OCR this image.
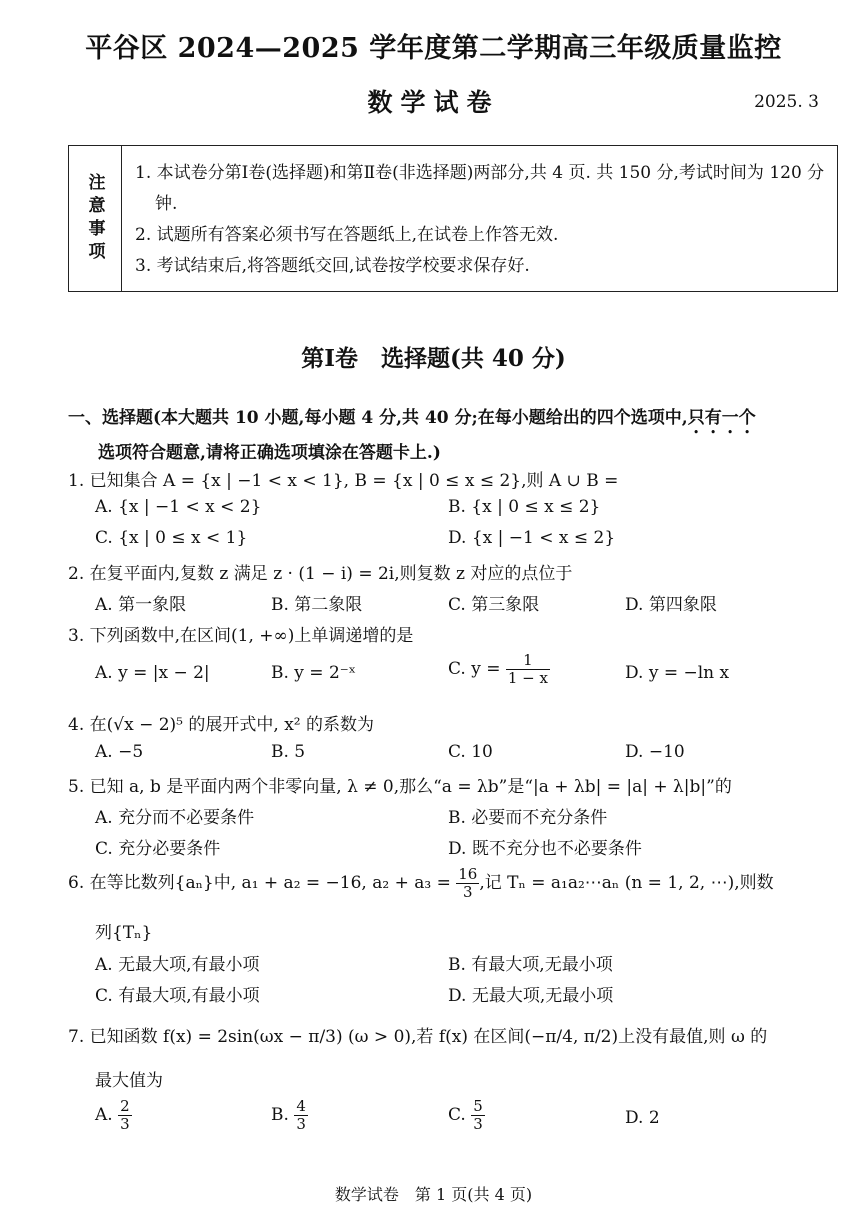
平谷区 2024—2025 学年度第二学期高三年级质量监控
数学试卷	2025. 3
注意事项 1. 本试卷分第Ⅰ卷(选择题)和第Ⅱ卷(非选择题)两部分,共 4 页. 共 150 分,考试时间为 120 分钟.
2. 试题所有答案必须书写在答题纸上,在试卷上作答无效.
3. 考试结束后,将答题纸交回,试卷按学校要求保存好.
第Ⅰ卷　选择题(共 40 分)
一、选择题(本大题共 10 小题,每小题 4 分,共 40 分;在每小题给出的四个选项中,只有一个
选项符合题意,请将正确选项填涂在答题卡上.)
1. 已知集合 A = {x | −1 < x < 1}, B = {x | 0 ≤ x ≤ 2},则 A ∪ B =
A. {x | −1 < x < 2}	B. {x | 0 ≤ x ≤ 2}
C. {x | 0 ≤ x < 1}	D. {x | −1 < x ≤ 2}
2. 在复平面内,复数 z 满足 z · (1 − i) = 2i,则复数 z 对应的点位于
A. 第一象限	B. 第二象限	C. 第三象限	D. 第四象限
3. 下列函数中,在区间(1, +∞)上单调递增的是
A. y = |x − 2|	B. y = 2⁻ˣ	C. $y = \frac{1}{1 - x}$	D. y = −ln x
4. 在(√x − 2)⁵ 的展开式中, x² 的系数为
A. −5	B. 5	C. 10	D. −10
5. 已知 a, b 是平面内两个非零向量, λ ≠ 0,那么“a = λb”是“|a + λb| = |a| + λ|b|”的
A. 充分而不必要条件	B. 必要而不充分条件
C. 充分必要条件	D. 既不充分也不必要条件
6. 在等比数列{aₙ}中, a₁ + a₂ = −16, $a_2 + a_3 = \frac{16}{3}$ ,记 Tₙ = a₁a₂⋯aₙ (n = 1, 2, ⋯),则数
列{Tₙ}
A. 无最大项,有最小项	B. 有最大项,无最小项
C. 有最大项,有最小项	D. 无最大项,无最小项
7. 已知函数 f(x) = 2sin(ωx − π/3) (ω > 0),若 f(x) 在区间(−π/4, π/2)上没有最值,则 ω 的
最大值为
A. $\frac{2}{3}$	B. $\frac{4}{3}$	C. $\frac{5}{3}$	D. 2
数学试卷　第 1 页(共 4 页)
